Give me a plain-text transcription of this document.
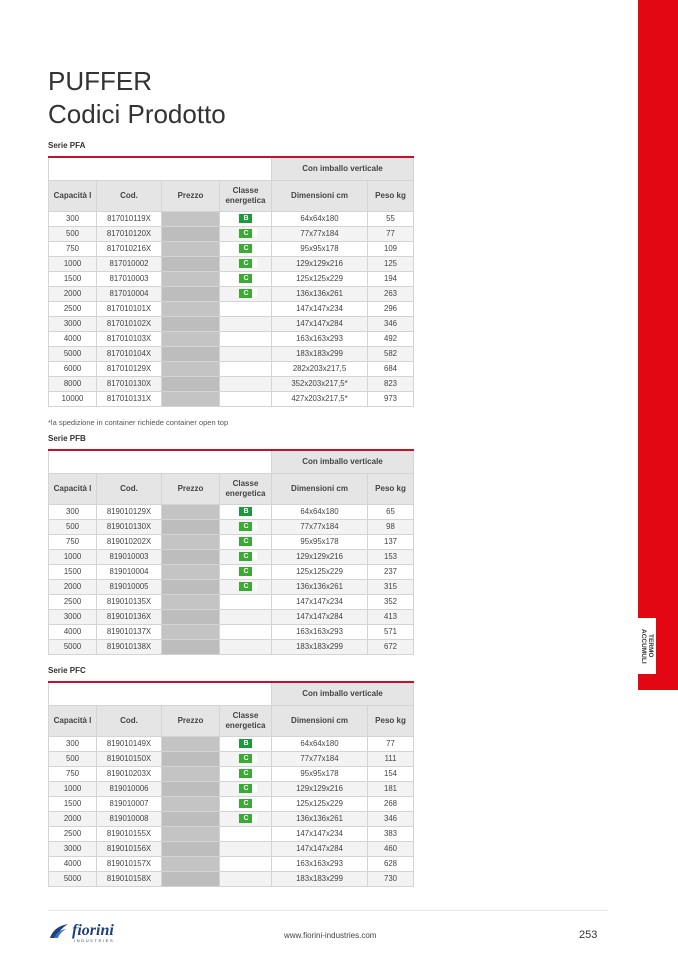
TERMO
ACCUMULI
PUFFER
Codici Prodotto
Serie PFA
				Con imballo verticale	
Capacità l	Cod.	Prezzo	Classe energetica	Dimensioni cm	Peso kg
300	817010119X		B	64x64x180	55
500	817010120X		C	77x77x184	77
750	817010216X		C	95x95x178	109
1000	817010002		C	129x129x216	125
1500	817010003		C	125x125x229	194
2000	817010004		C	136x136x261	263
2500	817010101X			147x147x234	296
3000	817010102X			147x147x284	346
4000	817010103X			163x163x293	492
5000	817010104X			183x183x299	582
6000	817010129X			282x203x217,5	684
8000	817010130X			352x203x217,5*	823
10000	817010131X			427x203x217,5*	973
*la spedizione in container richiede container open top
Serie PFB
				Con imballo verticale	
Capacità l	Cod.	Prezzo	Classe energetica	Dimensioni cm	Peso kg
300	819010129X		B	64x64x180	65
500	819010130X		C	77x77x184	98
750	819010202X		C	95x95x178	137
1000	819010003		C	129x129x216	153
1500	819010004		C	125x125x229	237
2000	819010005		C	136x136x261	315
2500	819010135X			147x147x234	352
3000	819010136X			147x147x284	413
4000	819010137X			163x163x293	571
5000	819010138X			183x183x299	672
Serie PFC
				Con imballo verticale	
Capacità l	Cod.	Prezzo	Classe energetica	Dimensioni cm	Peso kg
300	819010149X		B	64x64x180	77
500	819010150X		C	77x77x184	111
750	819010203X		C	95x95x178	154
1000	819010006		C	129x129x216	181
1500	819010007		C	125x125x229	268
2000	819010008		C	136x136x261	346
2500	819010155X			147x147x234	383
3000	819010156X			147x147x284	460
4000	819010157X			163x163x293	628
5000	819010158X			183x183x299	730
fiorini
INDUSTRIES
www.fiorini-industries.com	253
